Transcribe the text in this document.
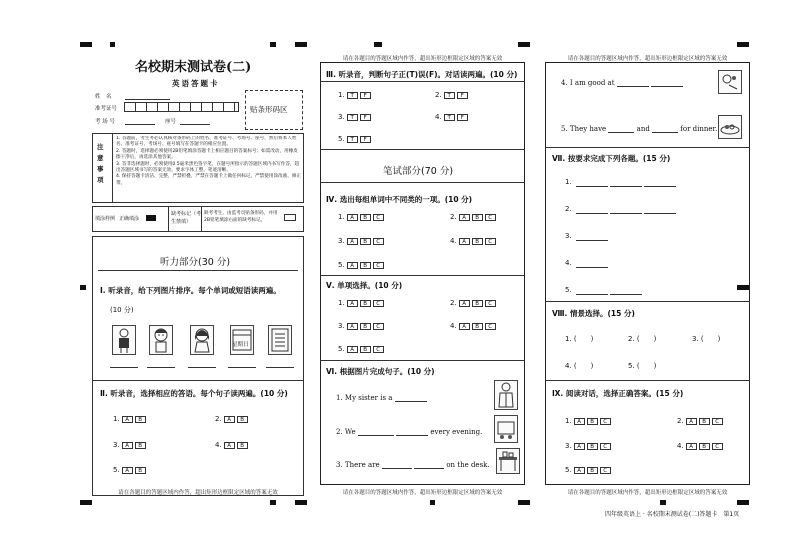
名校期末测试卷(二)
英语答题卡
姓　名
准考证号
考 场 号	座号
贴条形码区
注
意
事
项
1. 答题前，考生务必认真核对条形码上的姓名、准考证号、考场号、座号，然后将本人姓名、准考证号、考场号、座号填写在答题卡的相应位置。
2. 答题时，选择题必须使用2B铅笔填涂答题卡上相应题目的答案标号；如需改动，用橡皮擦干净后，再选涂其他答案。
3. 答非选择题时，必须使用0.5毫米黑色签字笔，在题号所指示的答题区域内书写作答，超出答题区域书写的答案无效。要求字体工整，笔迹清晰。
4. 保持答题卡清洁、完整，严禁折叠，严禁在答题卡上做任何标记，严禁使用涂改液、修正带。
填涂样例 正确填涂
缺考标记（考生禁填）
缺考考生，由监考员贴条形码，并用2B铅笔填涂右面的缺考标记。
听力部分(30 分)
Ⅰ. 听录音，给下列图片排序。每个单词或短语读两遍。
(10 分)
星期日
Ⅱ. 听录音，选择相应的答语。每个句子读两遍。(10 分)
1. A B	2. A B
3. A B	4. A B
5. A B
请在各题目的答题区域内作答，超出矩形边框限定区域的答案无效
请在各题目的答题区域内作答，超出矩形边框限定区域的答案无效
Ⅲ. 听录音，判断句子正(T)误(F)。对话读两遍。(10 分)
1. T F	2. T F
3. T F	4. T F
5. T F
笔试部分(70 分)
Ⅳ. 选出每组单词中不同类的一项。(10 分)
1. A B C	2. A B C
3. A B C	4. A B C
5. A B C
Ⅴ. 单项选择。(10 分)
1. A B C	2. A B C
3. A B C	4. A B C
5. A B C
Ⅵ. 根据图片完成句子。(10 分)
1. My sister is a
2. We	every evening.
3. There are	on the desk.
请在各题目的答题区域内作答，超出矩形边框限定区域的答案无效
请在各题目的答题区域内作答，超出矩形边框限定区域的答案无效
4. I am good at
5. They have	and	for dinner.
Ⅶ. 按要求完成下列各题。(15 分)
1.
2.
3.
4.
5.
Ⅷ. 情景选择。(15 分)
1. (　　)	2. (　　)	3. (　　)
4. (　　)	5. (　　)
Ⅸ. 阅读对话，选择正确答案。(15 分)
1. A B C	2. A B C
3. A B C	4. A B C
5. A B C
请在各题目的答题区域内作答，超出矩形边框限定区域的答案无效
四年级英语上 · 名校期末测试卷(二)答题卡　第1页
